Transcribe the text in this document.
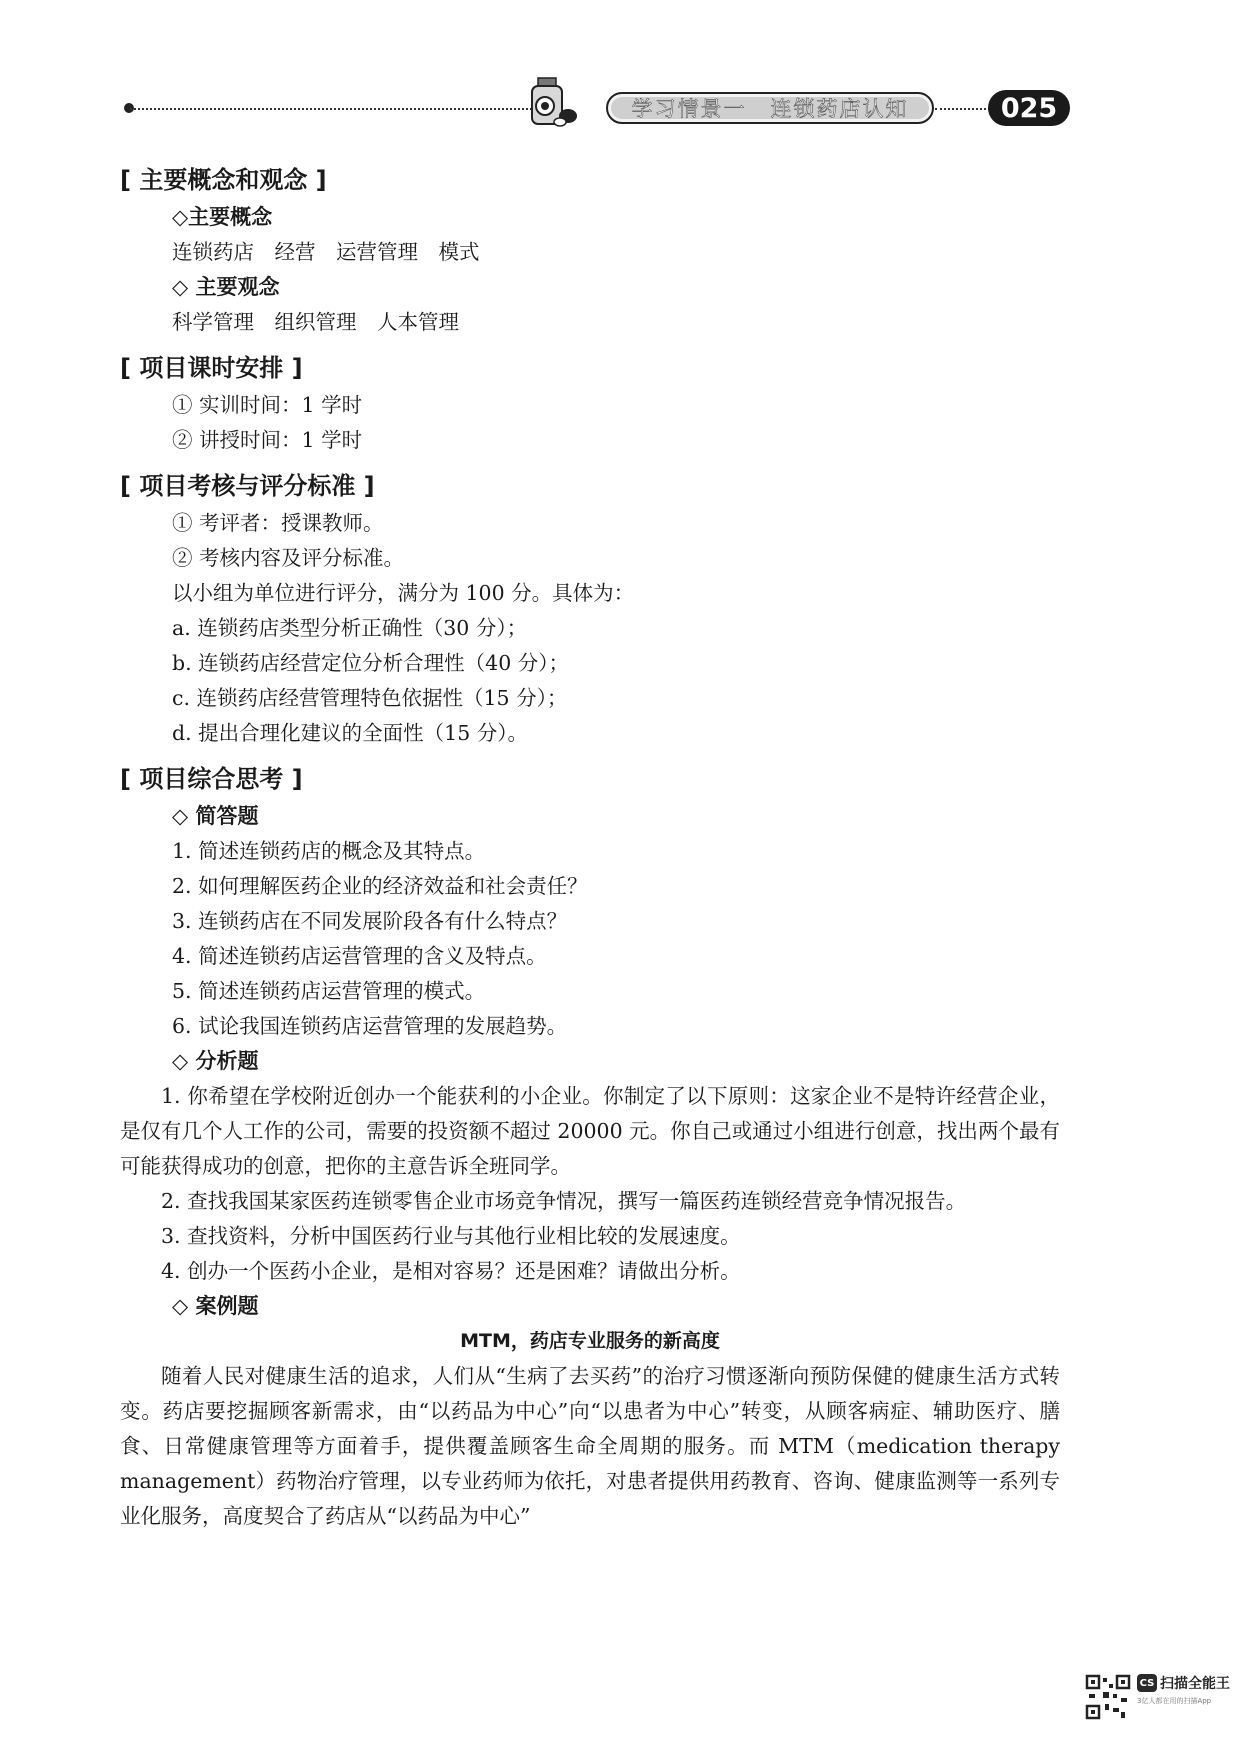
学习情景一 连锁药店认知	025
[ 主要概念和观念 ]
◇主要概念
连锁药店　经营　运营管理　模式
◇ 主要观念
科学管理　组织管理　人本管理
[ 项目课时安排 ]
① 实训时间：1 学时
② 讲授时间：1 学时
[ 项目考核与评分标准 ]
① 考评者：授课教师。
② 考核内容及评分标准。
以小组为单位进行评分，满分为 100 分。具体为：
a. 连锁药店类型分析正确性（30 分）；
b. 连锁药店经营定位分析合理性（40 分）；
c. 连锁药店经营管理特色依据性（15 分）；
d. 提出合理化建议的全面性（15 分）。
[ 项目综合思考 ]
◇ 简答题
1. 简述连锁药店的概念及其特点。
2. 如何理解医药企业的经济效益和社会责任？
3. 连锁药店在不同发展阶段各有什么特点？
4. 简述连锁药店运营管理的含义及特点。
5. 简述连锁药店运营管理的模式。
6. 试论我国连锁药店运营管理的发展趋势。
◇ 分析题

1. 你希望在学校附近创办一个能获利的小企业。你制定了以下原则：这家企业不是特许经营企业，是仅有几个人工作的公司，需要的投资额不超过 20000 元。你自己或通过小组进行创意，找出两个最有可能获得成功的创意，把你的主意告诉全班同学。

2. 查找我国某家医药连锁零售企业市场竞争情况，撰写一篇医药连锁经营竞争情况报告。

3. 查找资料，分析中国医药行业与其他行业相比较的发展速度。

4. 创办一个医药小企业，是相对容易？还是困难？请做出分析。

◇ 案例题
MTM，药店专业服务的新高度

随着人民对健康生活的追求，人们从“生病了去买药”的治疗习惯逐渐向预防保健的健康生活方式转变。药店要挖掘顾客新需求，由“以药品为中心”向“以患者为中心”转变，从顾客病症、辅助医疗、膳食、日常健康管理等方面着手，提供覆盖顾客生命全周期的服务。而 MTM（medication therapy management）药物治疗管理，以专业药师为依托，对患者提供用药教育、咨询、健康监测等一系列专业化服务，高度契合了药店从“以药品为中心”

CS 扫描全能王
3亿人都在用的扫描App
